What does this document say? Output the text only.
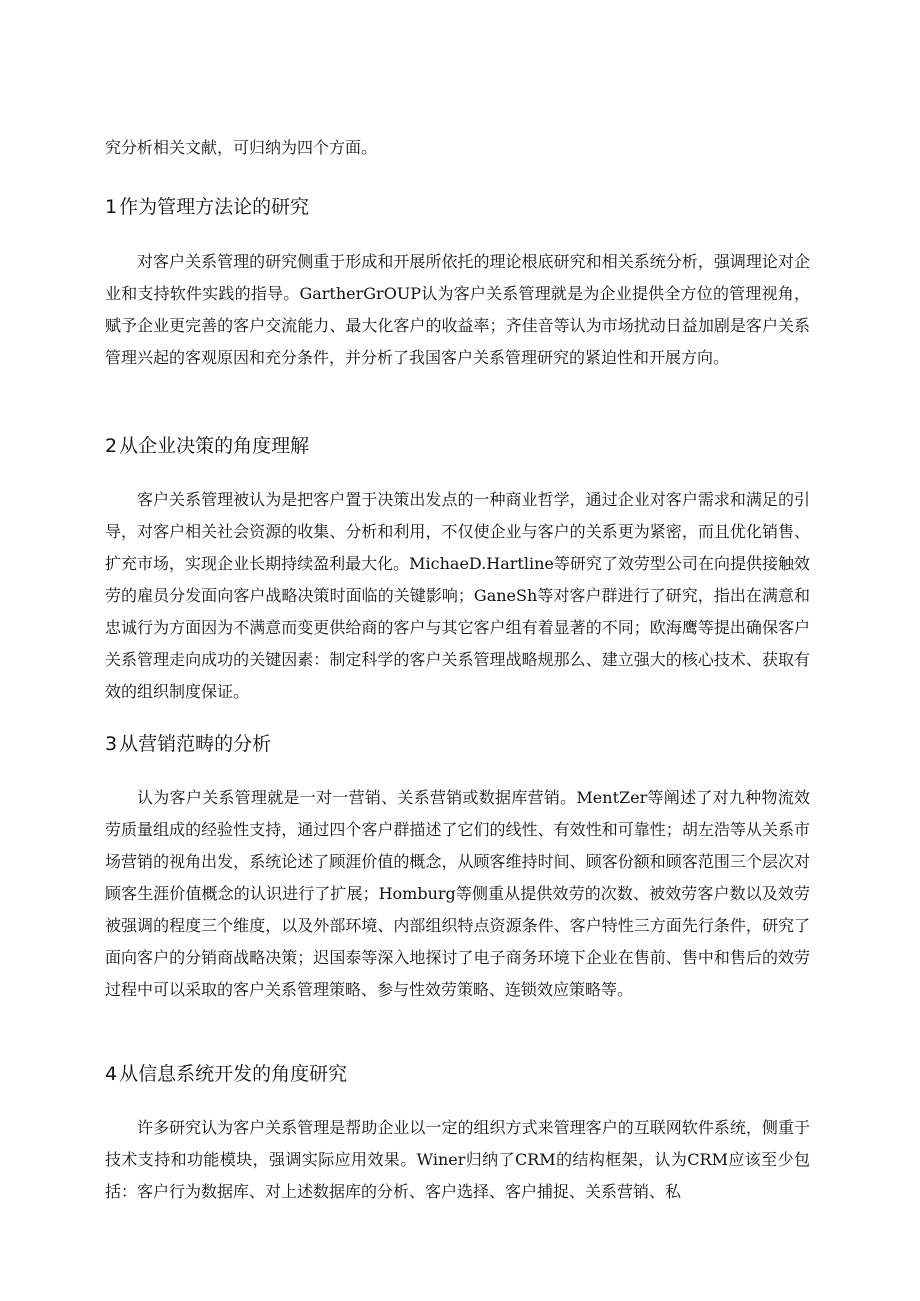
究分析相关文献，可归纳为四个方面。

1 作为管理方法论的研究

对客户关系管理的研究侧重于形成和开展所依托的理论根底研究和相关系统分析，强调理论对企业和支持软件实践的指导。GartherGrOUP认为客户关系管理就是为企业提供全方位的管理视角，赋予企业更完善的客户交流能力、最大化客户的收益率；齐佳音等认为市场扰动日益加剧是客户关系管理兴起的客观原因和充分条件，并分析了我国客户关系管理研究的紧迫性和开展方向。

2 从企业决策的角度理解

客户关系管理被认为是把客户置于决策出发点的一种商业哲学，通过企业对客户需求和满足的引导，对客户相关社会资源的收集、分析和利用，不仅使企业与客户的关系更为紧密，而且优化销售、扩充市场，实现企业长期持续盈利最大化。MichaeD.Hartline等研究了效劳型公司在向提供接触效劳的雇员分发面向客户战略决策时面临的关键影响；GaneSh等对客户群进行了研究，指出在满意和忠诚行为方面因为不满意而变更供给商的客户与其它客户组有着显著的不同；欧海鹰等提出确保客户关系管理走向成功的关键因素：制定科学的客户关系管理战略规那么、建立强大的核心技术、获取有效的组织制度保证。

3 从营销范畴的分析

认为客户关系管理就是一对一营销、关系营销或数据库营销。MentZer等阐述了对九种物流效劳质量组成的经验性支持，通过四个客户群描述了它们的线性、有效性和可靠性；胡左浩等从关系市场营销的视角出发，系统论述了顾涯价值的概念，从顾客维持时间、顾客份额和顾客范围三个层次对顾客生涯价值概念的认识进行了扩展；Homburg等侧重从提供效劳的次数、被效劳客户数以及效劳被强调的程度三个维度，以及外部环境、内部组织特点资源条件、客户特性三方面先行条件，研究了面向客户的分销商战略决策；迟国泰等深入地探讨了电子商务环境下企业在售前、售中和售后的效劳过程中可以采取的客户关系管理策略、参与性效劳策略、连锁效应策略等。

4 从信息系统开发的角度研究

许多研究认为客户关系管理是帮助企业以一定的组织方式来管理客户的互联网软件系统，侧重于技术支持和功能模块，强调实际应用效果。Winer归纳了CRM的结构框架，认为CRM应该至少包括：客户行为数据库、对上述数据库的分析、客户选择、客户捕捉、关系营销、私
